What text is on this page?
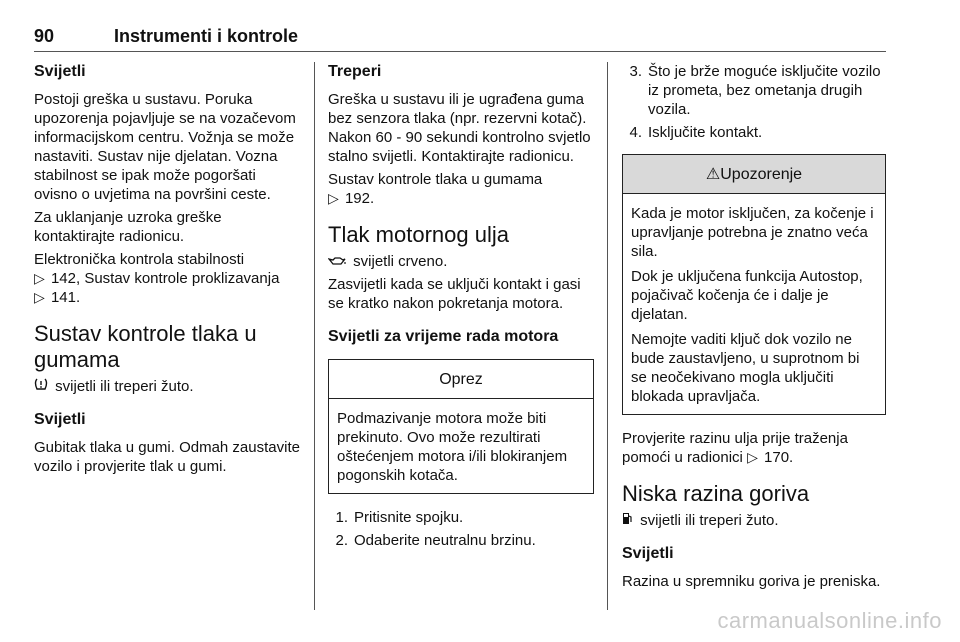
90	Instrumenti i kontrole
Svijetli

Postoji greška u sustavu. Poruka upozorenja pojavljuje se na vozačevom informacijskom centru. Vožnja se može nastaviti. Sustav nije djelatan. Vozna stabilnost se ipak može pogoršati ovisno o uvjetima na površini ceste.

Za uklanjanje uzroka greške kontaktirajte radionicu.

Elektronička kontrola stabilnosti
▷ 142, Sustav kontrole proklizavanja
▷ 141.

Sustav kontrole tlaka u gumama

svijetli ili treperi žuto.

Svijetli

Gubitak tlaka u gumi. Odmah zaustavite vozilo i provjerite tlak u gumi.

Treperi

Greška u sustavu ili je ugrađena guma bez senzora tlaka (npr. rezervni kotač). Nakon 60 - 90 sekundi kontrolno svjetlo stalno svijetli. Kontaktirajte radionicu.

Sustav kontrole tlaka u gumama
▷ 192.

Tlak motornog ulja

svijetli crveno.

Zasvijetli kada se uključi kontakt i gasi se kratko nakon pokretanja motora.

Svijetli za vrijeme rada motora
Oprez

Podmazivanje motora može biti prekinuto. Ovo može rezultirati oštećenjem motora i/ili blokiranjem pogonskih kotača.

1. Pritisnite spojku.
2. Odaberite neutralnu brzinu.
3. Što je brže moguće isključite vozilo iz prometa, bez ometanja drugih vozila.
4. Isključite kontakt.
⚠Upozorenje

Kada je motor isključen, za kočenje i upravljanje potrebna je znatno veća sila.

Dok je uključena funkcija Autostop, pojačivač kočenja će i dalje je djelatan.

Nemojte vaditi ključ dok vozilo ne bude zaustavljeno, u suprotnom bi se neočekivano mogla uključiti blokada upravljača.

Provjerite razinu ulja prije traženja pomoći u radionici ▷ 170.

Niska razina goriva

svijetli ili treperi žuto.

Svijetli

Razina u spremniku goriva je preniska.

carmanualsonline.info
